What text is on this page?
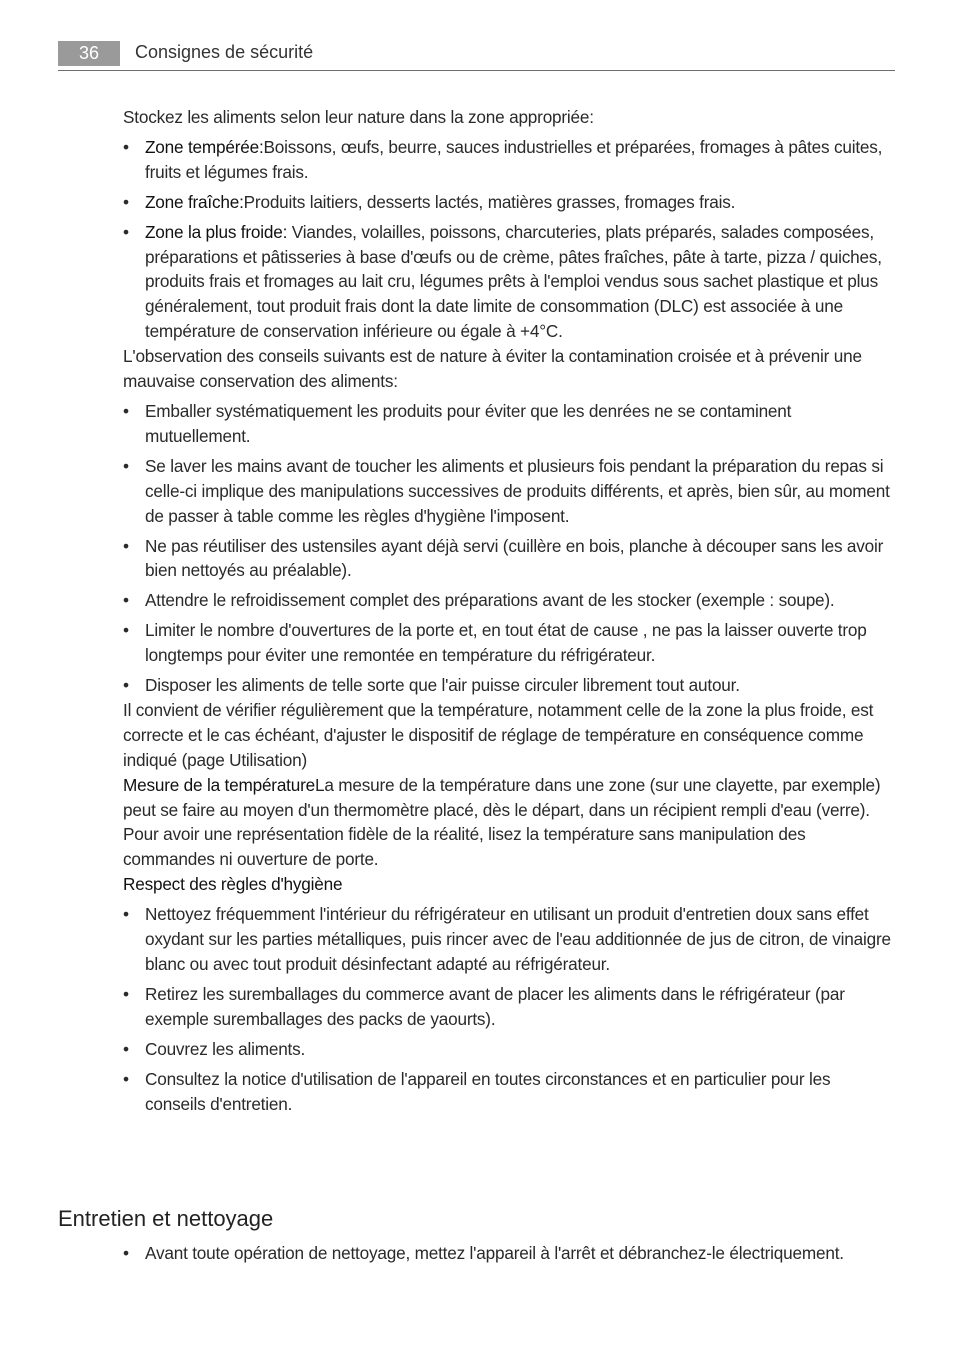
36	Consignes de sécurité

Stockez les aliments selon leur nature dans la zone appropriée:

• Zone tempérée:Boissons, œufs, beurre, sauces industrielles et préparées, fromages à pâtes cuites, fruits et légumes frais.
• Zone fraîche:Produits laitiers, desserts lactés, matières grasses, fromages frais.
• Zone la plus froide: Viandes, volailles, poissons, charcuteries, plats préparés, salades composées, préparations et pâtisseries à base d'œufs ou de crème, pâtes fraîches, pâte à tarte, pizza / quiches, produits frais et fromages au lait cru, légumes prêts à l'emploi vendus sous sachet plastique et plus généralement, tout produit frais dont la date limite de consommation (DLC) est associée à une température de conservation inférieure ou égale à +4°C.

L'observation des conseils suivants est de nature à éviter la contamination croisée et à prévenir une mauvaise conservation des aliments:

• Emballer systématiquement les produits pour éviter que les denrées ne se contaminent mutuellement.
• Se laver les mains avant de toucher les aliments et plusieurs fois pendant la préparation du repas si celle-ci implique des manipulations successives de produits différents, et après, bien sûr, au moment de passer à table comme les règles d'hygiène l'imposent.
• Ne pas réutiliser des ustensiles ayant déjà servi (cuillère en bois, planche à découper sans les avoir bien nettoyés au préalable).
• Attendre le refroidissement complet des préparations avant de les stocker (exemple : soupe).
• Limiter le nombre d'ouvertures de la porte et, en tout état de cause , ne pas la laisser ouverte trop longtemps pour éviter une remontée en température du réfrigérateur.
• Disposer les aliments de telle sorte que l'air puisse circuler librement tout autour.

Il convient de vérifier régulièrement que la température, notamment celle de la zone la plus froide, est correcte et le cas échéant, d'ajuster le dispositif de réglage de température en conséquence comme indiqué (page Utilisation)

Mesure de la températureLa mesure de la température dans une zone (sur une clayette, par exemple) peut se faire au moyen d'un thermomètre placé, dès le départ, dans un récipient rempli d'eau (verre). Pour avoir une représentation fidèle de la réalité, lisez la température sans manipulation des commandes ni ouverture de porte.

Respect des règles d'hygiène

• Nettoyez fréquemment l'intérieur du réfrigérateur en utilisant un produit d'entretien doux sans effet oxydant sur les parties métalliques, puis rincer avec de l'eau additionnée de jus de citron, de vinaigre blanc ou avec tout produit désinfectant adapté au réfrigérateur.
• Retirez les suremballages du commerce avant de placer les aliments dans le réfrigérateur (par exemple suremballages des packs de yaourts).
• Couvrez les aliments.
• Consultez la notice d'utilisation de l'appareil en toutes circonstances et en particulier pour les conseils d'entretien.
Entretien et nettoyage
• Avant toute opération de nettoyage, mettez l'appareil à l'arrêt et débranchez-le électriquement.
